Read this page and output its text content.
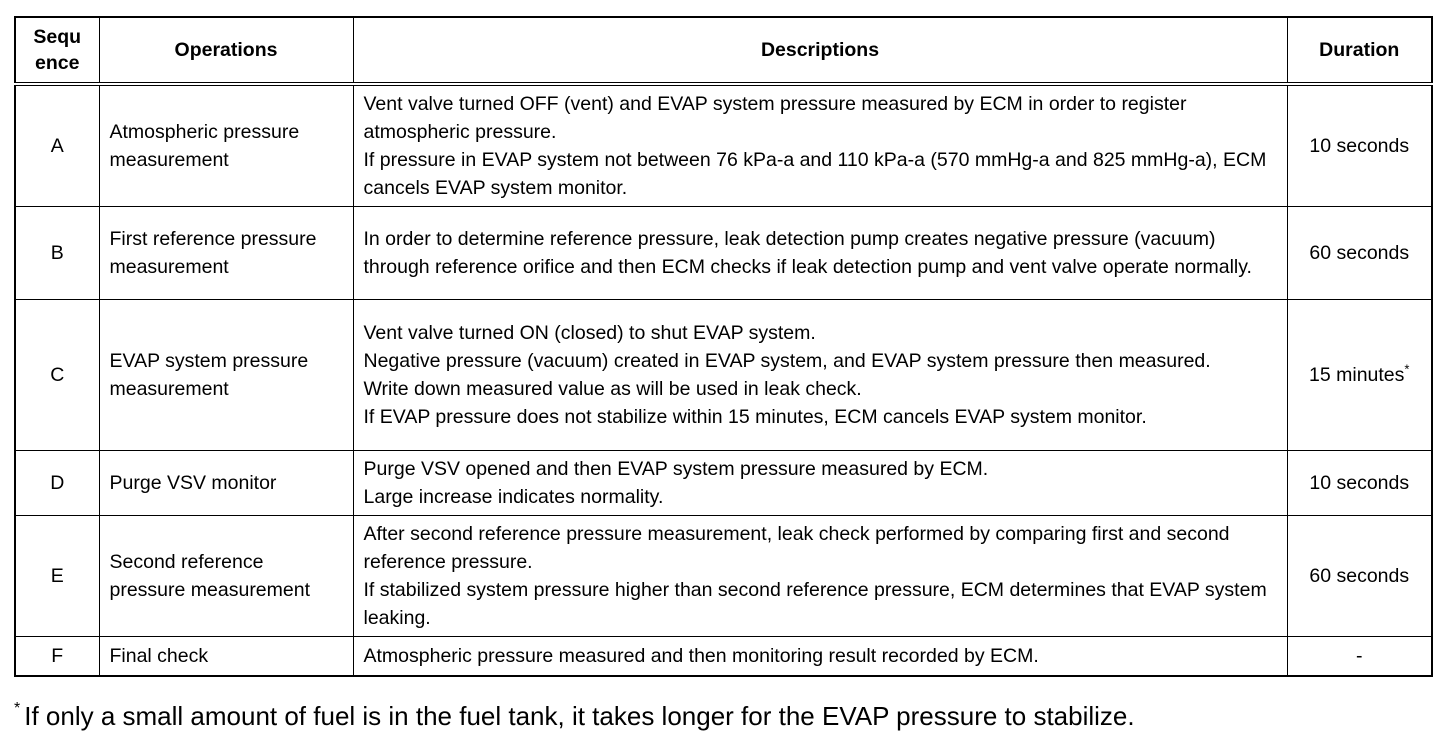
Sequ ence	Operations	Descriptions	Duration
A	Atmospheric pressure measurement	Vent valve turned OFF (vent) and EVAP system pressure measured by ECM in order to register atmospheric pressure.
If pressure in EVAP system not between 76 kPa-a and 110 kPa-a (570 mmHg-a and 825 mmHg-a), ECM cancels EVAP system monitor.	10 seconds
B	First reference pressure measurement	In order to determine reference pressure, leak detection pump creates negative pressure (vacuum) through reference orifice and then ECM checks if leak detection pump and vent valve operate normally.	60 seconds
C	EVAP system pressure measurement	Vent valve turned ON (closed) to shut EVAP system.
Negative pressure (vacuum) created in EVAP system, and EVAP system pressure then measured.
Write down measured value as will be used in leak check.
If EVAP pressure does not stabilize within 15 minutes, ECM cancels EVAP system monitor.	15 minutes*
D	Purge VSV monitor	Purge VSV opened and then EVAP system pressure measured by ECM.
Large increase indicates normality.	10 seconds
E	Second reference pressure measurement	After second reference pressure measurement, leak check performed by comparing first and second reference pressure.
If stabilized system pressure higher than second reference pressure, ECM determines that EVAP system leaking.	60 seconds
F	Final check	Atmospheric pressure measured and then monitoring result recorded by ECM.	-
* If only a small amount of fuel is in the fuel tank, it takes longer for the EVAP pressure to stabilize.
